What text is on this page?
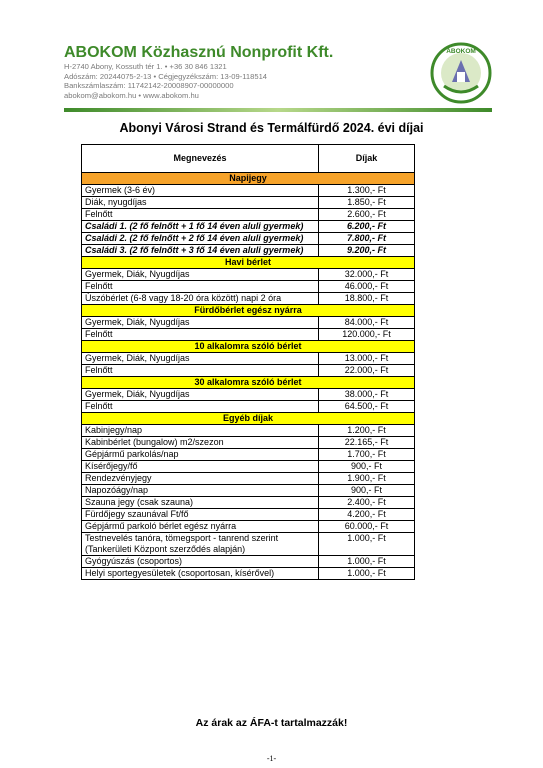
ABOKOM Közhasznú Nonprofit Kft.
H-2740 Abony, Kossuth tér 1. • +36 30 846 1321
Adószám: 20244075-2-13 • Cégjegyzékszám: 13-09-118514
Bankszámlaszám: 11742142-20008907-00000000
abokom@abokom.hu • www.abokom.hu
ABOKOM
Abonyi Városi Strand és Termálfürdő 2024. évi díjai
Megnevezés	Díjak
Napijegy	
Gyermek (3-6 év)	1.300,- Ft
Diák, nyugdíjas	1.850,- Ft
Felnőtt	2.600,- Ft
Családi 1. (2 fő felnőtt + 1 fő 14 éven aluli gyermek)	6.200,- Ft
Családi 2. (2 fő felnőtt + 2 fő 14 éven aluli gyermek)	7.800,- Ft
Családi 3. (2 fő felnőtt + 3 fő 14 éven aluli gyermek)	9.200,- Ft
Havi bérlet	
Gyermek, Diák, Nyugdíjas	32.000,- Ft
Felnőtt	46.000,- Ft
Úszóbérlet (6-8 vagy 18-20 óra között) napi 2 óra	18.800,- Ft
Fürdőbérlet egész nyárra	
Gyermek, Diák, Nyugdíjas	84.000,- Ft
Felnőtt	120.000,- Ft
10 alkalomra szóló bérlet	
Gyermek, Diák, Nyugdíjas	13.000,- Ft
Felnőtt	22.000,- Ft
30 alkalomra szóló bérlet	
Gyermek, Diák, Nyugdíjas	38.000,- Ft
Felnőtt	64.500,- Ft
Egyéb díjak	
Kabinjegy/nap	1.200,- Ft
Kabinbérlet (bungalow) m2/szezon	22.165,- Ft
Gépjármű parkolás/nap	1.700,- Ft
Kísérőjegy/fő	900,- Ft
Rendezvényjegy	1.900,- Ft
Napozóágy/nap	900,- Ft
Szauna jegy (csak szauna)	2.400,- Ft
Fürdőjegy szaunával Ft/fő	4.200,- Ft
Gépjármű parkoló bérlet egész nyárra	60.000,- Ft
Testnevelés tanóra, tömegsport - tanrend szerint (Tankerületi Központ szerződés alapján)	1.000,- Ft
Gyógyúszás (csoportos)	1.000,- Ft
Helyi sportegyesületek (csoportosan, kísérővel)	1.000,- Ft
Az árak az ÁFA-t tartalmazzák!
-1-
